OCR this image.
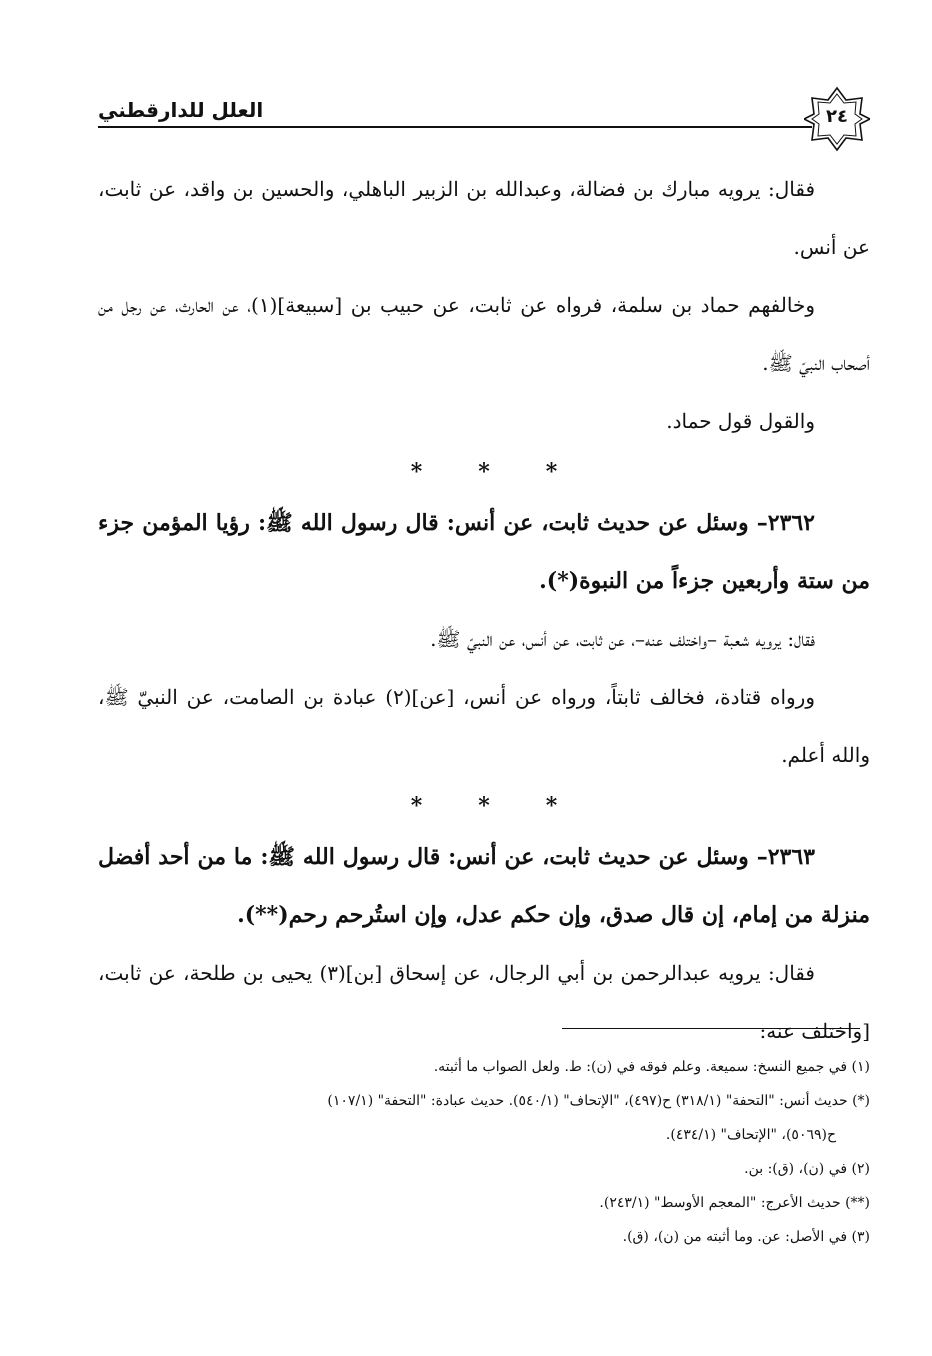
العلل للدارقطني	٢٤

فقال: يرويه مبارك بن فضالة، وعبدالله بن الزبير الباهلي، والحسين بن واقد، عن ثابت، عن أنس.

وخالفهم حماد بن سلمة، فرواه عن ثابت، عن حبيب بن [سبيعة](١)، عن الحارث، عن رجل من أصحاب النبيّ ﷺ.

والقول قول حماد.

***

٢٣٦٢– وسئل عن حديث ثابت، عن أنس: قال رسول الله ﷺ: رؤيا المؤمن جزء من ستة وأربعين جزءاً من النبوة(*).

فقال: يرويه شعبة –واختلف عنه–، عن ثابت، عن أنس، عن النبيّ ﷺ.

ورواه قتادة، فخالف ثابتاً، ورواه عن أنس، [عن](٢) عبادة بن الصامت، عن النبيّ ﷺ، والله أعلم.

***

٢٣٦٣– وسئل عن حديث ثابت، عن أنس: قال رسول الله ﷺ: ما من أحد أفضل منزلة من إمام، إن قال صدق، وإن حكم عدل، وإن استُرحم رحم(**).

فقال: يرويه عبدالرحمن بن أبي الرجال، عن إسحاق [بن](٣) يحيى بن طلحة، عن ثابت، [واختلف عنه:

(١) في جميع النسخ: سميعة. وعلم فوقه في (ن): ط. ولعل الصواب ما أثبته.

(*) حديث أنس: "التحفة" (٣١٨/١) ح(٤٩٧)، "الإتحاف" (٥٤٠/١). حديث عبادة: "التحفة" (١٠٧/١)

ح(٥٠٦٩)، "الإتحاف" (٤٣٤/١).

(٢) في (ن)، (ق): بن.

(**) حديث الأعرج: "المعجم الأوسط" (٢٤٣/١).

(٣) في الأصل: عن. وما أثبته من (ن)، (ق).
